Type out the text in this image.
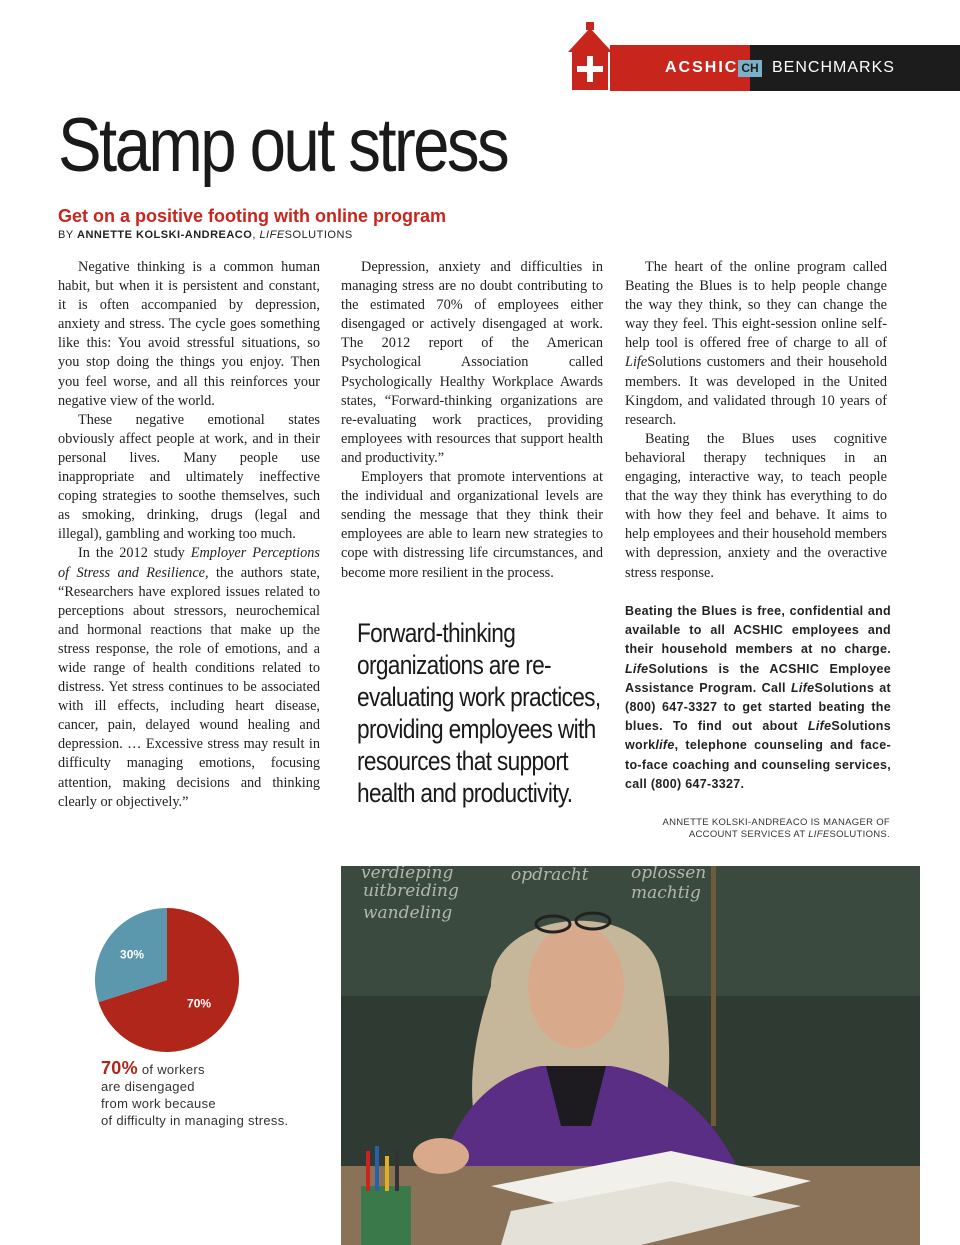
ACSHIC CH BENCHMARKS
Stamp out stress
Get on a positive footing with online program
BY ANNETTE KOLSKI-ANDREACO, LIFESOLUTIONS

Negative thinking is a common human habit, but when it is persistent and constant, it is often accompanied by depression, anxiety and stress. The cycle goes something like this: You avoid stressful situations, so you stop doing the things you enjoy. Then you feel worse, and all this reinforces your negative view of the world.

These negative emotional states obviously affect people at work, and in their personal lives. Many people use inappropriate and ultimately ineffective coping strategies to soothe themselves, such as smoking, drinking, drugs (legal and illegal), gambling and working too much.

In the 2012 study Employer Perceptions of Stress and Resilience, the authors state, “Researchers have explored issues related to perceptions about stressors, neurochemical and hormonal reactions that make up the stress response, the role of emotions, and a wide range of health conditions related to distress. Yet stress continues to be associated with ill effects, including heart disease, cancer, pain, delayed wound healing and depression. … Excessive stress may result in difficulty managing emotions, focusing attention, making decisions and thinking clearly or objectively.”

Depression, anxiety and difficulties in managing stress are no doubt contributing to the estimated 70% of employees either disengaged or actively disengaged at work. The 2012 report of the American Psychological Association called Psychologically Healthy Workplace Awards states, “Forward-thinking organizations are re-evaluating work practices, providing employees with resources that support health and productivity.”

Employers that promote interventions at the individual and organizational levels are sending the message that they think their employees are able to learn new strategies to cope with distressing life circumstances, and become more resilient in the process.

Forward-thinking organizations are re-evaluating work practices, providing employees with resources that support health and productivity.

The heart of the online program called Beating the Blues is to help people change the way they think, so they can change the way they feel. This eight-session online self-help tool is offered free of charge to all of LifeSolutions customers and their household members. It was developed in the United Kingdom, and validated through 10 years of research.

Beating the Blues uses cognitive behavioral therapy techniques in an engaging, interactive way, to teach people that the way they think has everything to do with how they feel and behave. It aims to help employees and their household members with depression, anxiety and the overactive stress response.

Beating the Blues is free, confidential and available to all ACSHIC employees and their household members at no charge. LifeSolutions is the ACSHIC Employee Assistance Program. Call LifeSolutions at (800) 647-3327 to get started beating the blues. To find out about LifeSolutions worklife, telephone counseling and face-to-face coaching and counseling services, call (800) 647-3327.
ANNETTE KOLSKI-ANDREACO IS MANAGER OF ACCOUNT SERVICES AT LIFESOLUTIONS.
70%
30%
70% of workers
are disengaged
from work because
of difficulty in managing stress.
verdieping
uitbreiding
wandeling
opdracht oplossen
machtig
